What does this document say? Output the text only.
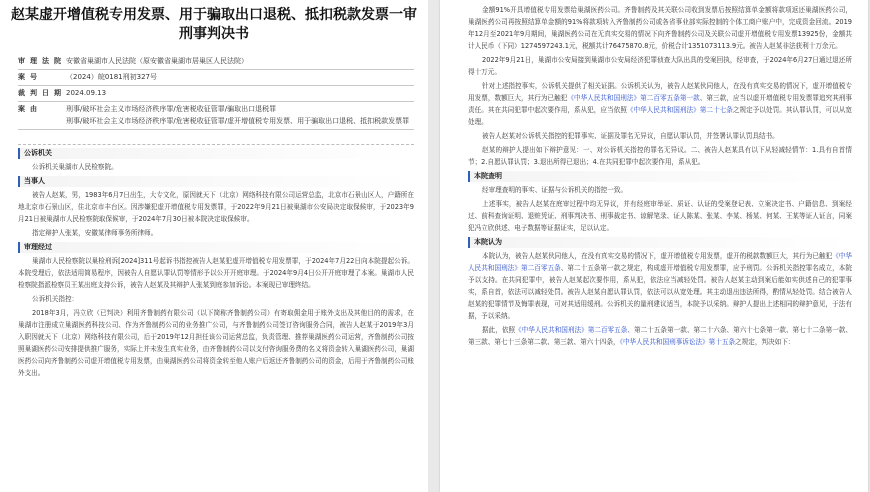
赵某虚开增值税专用发票、用于骗取出口退税、抵扣税款发票一审
刑事判决书
审理法院 安徽省巢湖市人民法院（原安徽省巢湖市居巢区人民法院）
案号	（2024）皖0181刑初327号
裁判日期 2024.09.13
案由	刑事/破坏社会主义市场经济秩序罪/危害税收征管罪/骗取出口退税罪
刑事/破坏社会主义市场经济秩序罪/危害税收征管罪/虚开增值税专用发票、用于骗取出口退税、抵扣税款发票罪
公诉机关

公诉机关巢湖市人民检察院。

当事人

被告人赵某，男，1983年6月7日出生，大专文化，原因就天下（北京）网络科技有限公司运营总监，北京市石景山区人，户籍所在地北京市石景山区，住北京市丰台区。因涉嫌犯虚开增值税专用发票罪，于2022年9月21日被巢湖市公安局决定取保候审，于2023年9月21日被巢湖市人民检察院取保候审，于2024年7月30日被本院决定取保候审。

指定辩护人张某，安徽某律师事务所律师。

审理经过

巢湖市人民检察院以巢检刑诉[2024]311号起诉书指控被告人赵某犯虚开增值税专用发票罪，于2024年7月22日向本院提起公诉。本院受理后，依法适用简易程序，因被告人自愿认罪认罚等情形予以公开开庭审理。于2024年9月4日公开开庭审理了本案。巢湖市人民检察院指派检察员王某出庭支持公诉，被告人赵某及其辩护人张某到庭参加诉讼。本案现已审理终结。

公诉机关指控：

2018年3月，冯立欣（已判决）利用齐鲁制药有限公司（以下简称齐鲁制药公司）有寄取佣金用于账外支出及其他目的的需求，在巢湖市注册成立巢湖医药科技公司、作为齐鲁制药公司的业务推广公司，与齐鲁制药公司签订咨询服务合同，被告人赵某于2019年3月入职因就天下（北京）网络科技有限公司，后于2019年12月担任该公司运营总监，负责管理、推荐巢湖医药公司运营，齐鲁制药公司按照巢湖医药公司安排提供推广服务，实际上并未发生真实业务，由齐鲁制药公司以支付咨询服务费的名义将资金转入巢湖医药公司，巢湖医药公司向齐鲁制药公司虚开增值税专用发票，由巢湖医药公司将资金转至他人账户后返还齐鲁制药公司的资金，后用于齐鲁制药公司账外支出。

金额91%开具增值税专用发票给巢湖医药公司。齐鲁制药及其关联公司收到发票后按照结算单金额将款项返还巢湖医药公司，巢湖医药公司再按照结算单金额的91%将款项转入齐鲁制药公司或各省事业部实际控制的个体工商户账户中，完成资金回流。2019年12月至2021年9月期间，巢湖医药公司在无真实交易的情况下向齐鲁制药公司及关联公司虚开增值税专用发票13925份，金额共计人民币（下同）1274597243.1元，税额共计76475870.8元，价税合计1351073113.9元。被告人赵某非法获利十万余元。

2022年9月21日，巢湖市公安局接到巢湖市公安局经济犯罪侦查大队出具的受案回执，经审查，于2024年6月27日通过退还所得十万元。

针对上述指控事实，公诉机关提供了相关证据。公诉机关认为，被告人赵某伙同他人，在没有真实交易的情况下，虚开增值税专用发票，数额巨大，其行为已触犯《中华人民共和国刑法》第二百零五条第一款、第三款，应当以虚开增值税专用发票罪追究其刑事责任。其在共同犯罪中起次要作用，系从犯，应当依照《中华人民共和国刑法》第二十七条之规定予以处罚。其认罪认罚，可以从宽处理。

被告人赵某对公诉机关指控的犯罪事实、证据及罪名无异议，自愿认罪认罚，并签署认罪认罚具结书。

赵某的辩护人提出如下辩护意见：一、对公诉机关指控的罪名无异议。二、被告人赵某具有以下从轻减轻情节：1.具有自首情节；2.自愿认罪认罚；3.退出所得已退出；4.在共同犯罪中起次要作用，系从犯。

本院查明

经审理查明的事实、证据与公诉机关的指控一致。

上述事实，被告人赵某在庭审过程中均无异议，并有经庭审举证、质证、认证的受案登记表、立案决定书、户籍信息、到案经过、前科查询证明、退赃凭证、刑事判决书、刑事裁定书、谅解笔录、证人陈某、张某、李某、杨某、何某、王某等证人证言，同案犯冯立欣供述、电子数据等证据证实，足以认定。

本院认为

本院认为，被告人赵某伙同他人，在没有真实交易的情况下，虚开增值税专用发票，虚开的税款数额巨大，其行为已触犯《中华人民共和国刑法》第二百零五条、第二十五条第一款之规定，构成虚开增值税专用发票罪，应予刑罚。公诉机关指控罪名成立，本院予以支持。在共同犯罪中，被告人赵某起次要作用，系从犯，依法应当减轻处罚。被告人赵某主动到案后能如实供述自己的犯罪事实，系自首，依法可以减轻处罚。被告人赵某自愿认罪认罚，依法可以从宽处理。其主动退出违法所得，酌情从轻处罚。结合被告人赵某的犯罪情节及悔罪表现，可对其适用缓刑。公诉机关的量刑建议适当，本院予以采纳。辩护人提出上述相同的辩护意见，于法有据，予以采纳。

据此，依照《中华人民共和国刑法》第二百零五条、第二十五条第一款、第二十六条、第六十七条第一款、第七十二条第一款、第三款、第七十三条第二款、第三款、第六十四条，《中华人民共和国刑事诉讼法》第十五条之规定，判决如下：
